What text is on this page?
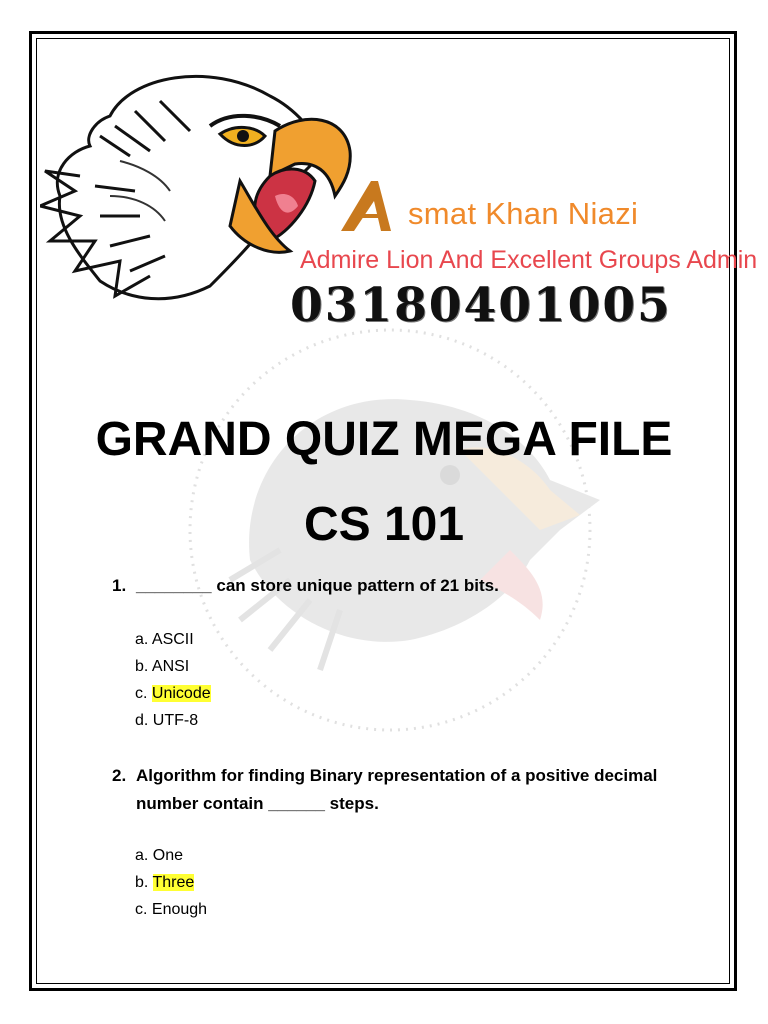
smat Khan Niazi
Admire Lion And Excellent Groups Admin
03180401005
GRAND QUIZ MEGA FILE
CS 101
1. ________ can store unique pattern of 21 bits.
a. ASCII
b. ANSI
c. Unicode
d. UTF-8
2. Algorithm for finding Binary representation of a positive decimal number contain ______ steps.
a. One
b. Three
c. Enough
